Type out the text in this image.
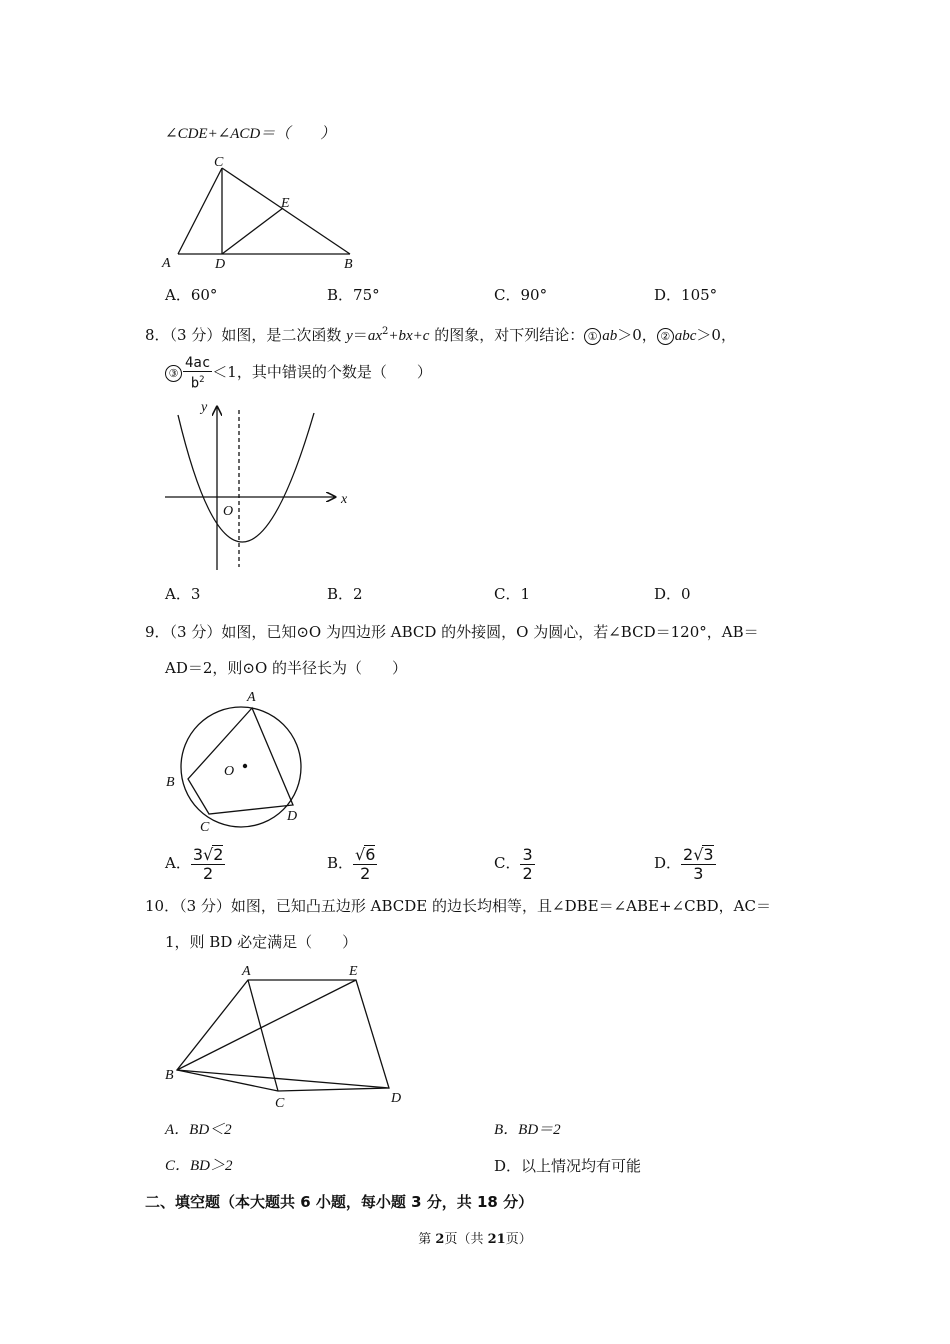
∠CDE+∠ACD＝（　　）
A	D	B
C
E
A．60°	B．75°	C．90°	D．105°
8．（3 分）如图，是二次函数 $y=ax^2+bx+c$ 的图象，对下列结论： ① ab＞0， ② abc＞0，
③ $\frac{4ac}{b^2} <1$，其中错误的个数是（　　）
y
x
O
A．3	B．2	C．1	D．0
9．（3 分）如图，已知⊙O 为四边形 ABCD 的外接圆，O 为圆心，若∠BCD＝120°，AB＝
AD＝2，则⊙O 的半径长为（　　）
A
B
C
D
O
A． $\frac{3√2}{2}$	B． $\frac{√6}{2}$	C． $\frac{3}{2}$	D． $\frac{2√3}{3}$
10．（3 分）如图，已知凸五边形 ABCDE 的边长均相等，且∠DBE＝∠ABE+∠CBD，AC＝
1，则 BD 必定满足（　　）
A	E
B
C	D
A．BD＜2	B．BD＝2
C．BD＞2	D．以上情况均有可能
二、填空题（本大题共 6 小题，每小题 3 分，共 18 分）
第 2页（共 21页）
